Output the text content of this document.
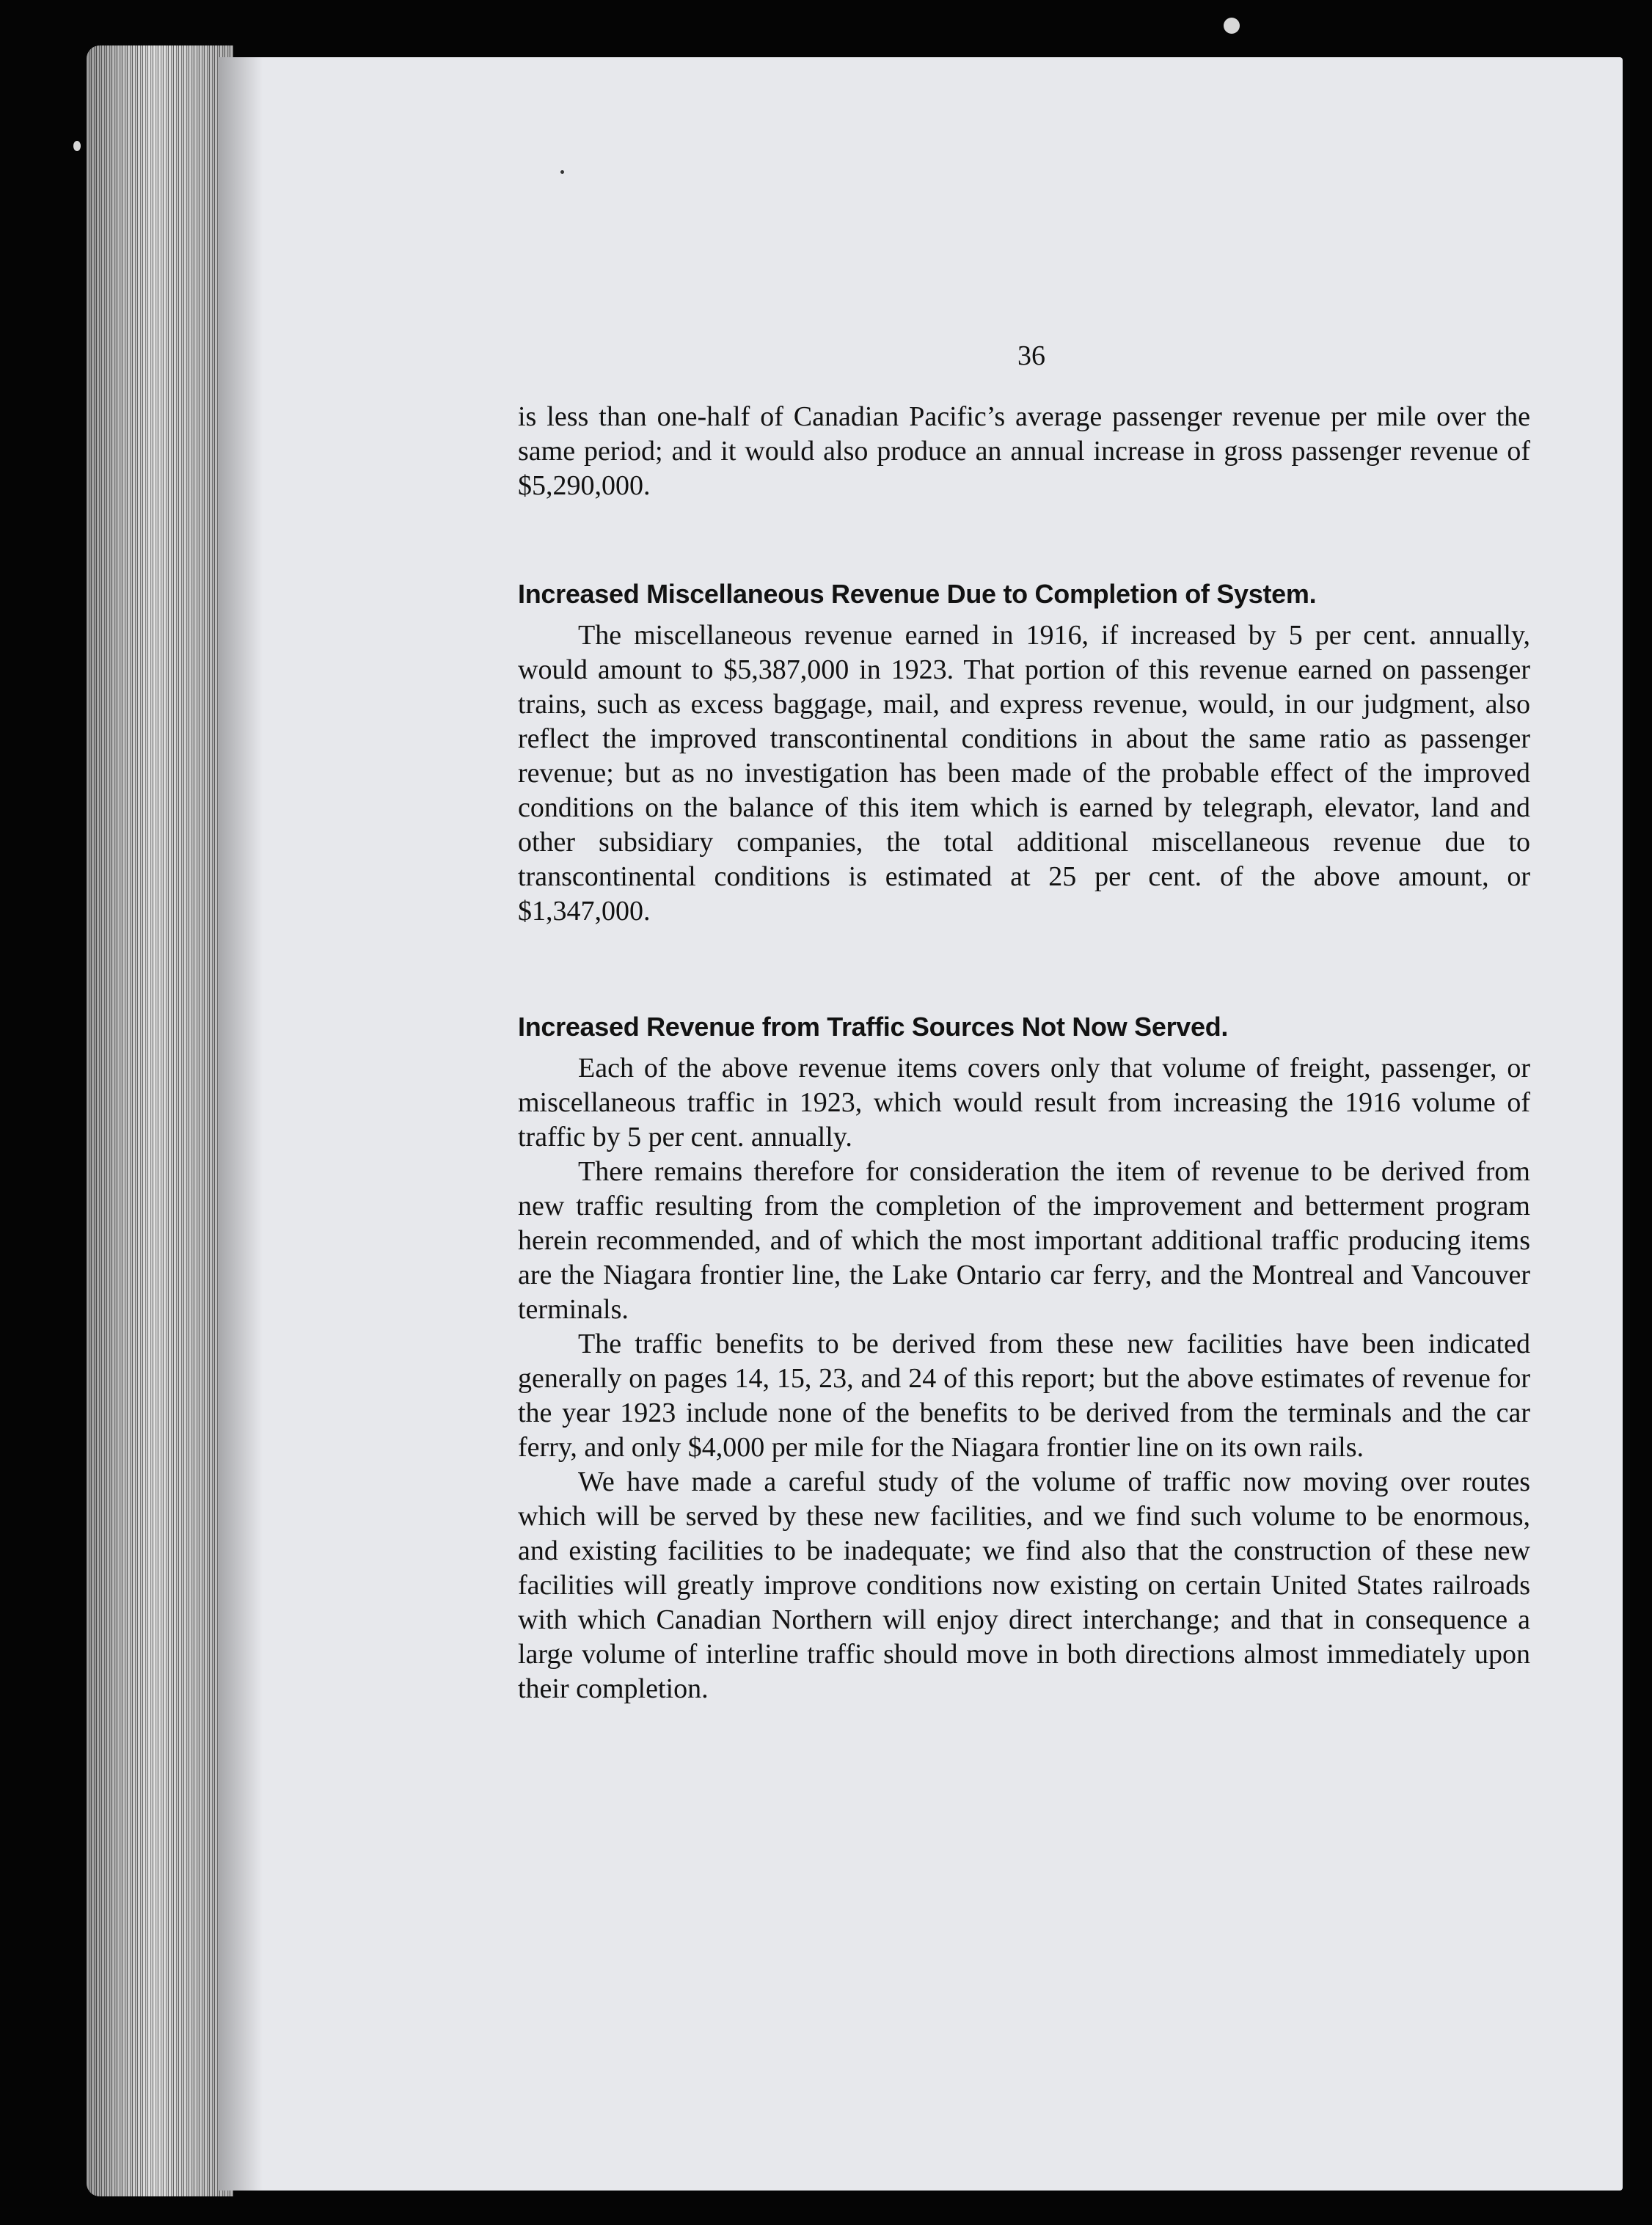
36

is less than one-half of Canadian Pacific’s average passenger revenue per mile over the same period; and it would also produce an annual increase in gross passenger revenue of $5,290,000.

Increased Miscellaneous Revenue Due to Completion of System.

The miscellaneous revenue earned in 1916, if increased by 5 per cent. annually, would amount to $5,387,000 in 1923. That portion of this revenue earned on passenger trains, such as excess baggage, mail, and express revenue, would, in our judgment, also reflect the improved transcontinental conditions in about the same ratio as passenger revenue; but as no investigation has been made of the probable effect of the improved conditions on the balance of this item which is earned by telegraph, elevator, land and other subsidiary companies, the total additional miscellaneous revenue due to transcontinental conditions is estimated at 25 per cent. of the above amount, or $1,347,000.

Increased Revenue from Traffic Sources Not Now Served.

Each of the above revenue items covers only that volume of freight, passenger, or miscellaneous traffic in 1923, which would result from increasing the 1916 volume of traffic by 5 per cent. annually.

There remains therefore for consideration the item of revenue to be derived from new traffic resulting from the completion of the improvement and betterment program herein recommended, and of which the most important additional traffic producing items are the Niagara frontier line, the Lake Ontario car ferry, and the Montreal and Vancouver terminals.

The traffic benefits to be derived from these new facilities have been indicated generally on pages 14, 15, 23, and 24 of this report; but the above estimates of revenue for the year 1923 include none of the benefits to be derived from the terminals and the car ferry, and only $4,000 per mile for the Niagara frontier line on its own rails.

We have made a careful study of the volume of traffic now moving over routes which will be served by these new facilities, and we find such volume to be enormous, and existing facilities to be inadequate; we find also that the construction of these new facilities will greatly improve conditions now existing on certain United States railroads with which Canadian Northern will enjoy direct interchange; and that in consequence a large volume of interline traffic should move in both directions almost immediately upon their completion.
